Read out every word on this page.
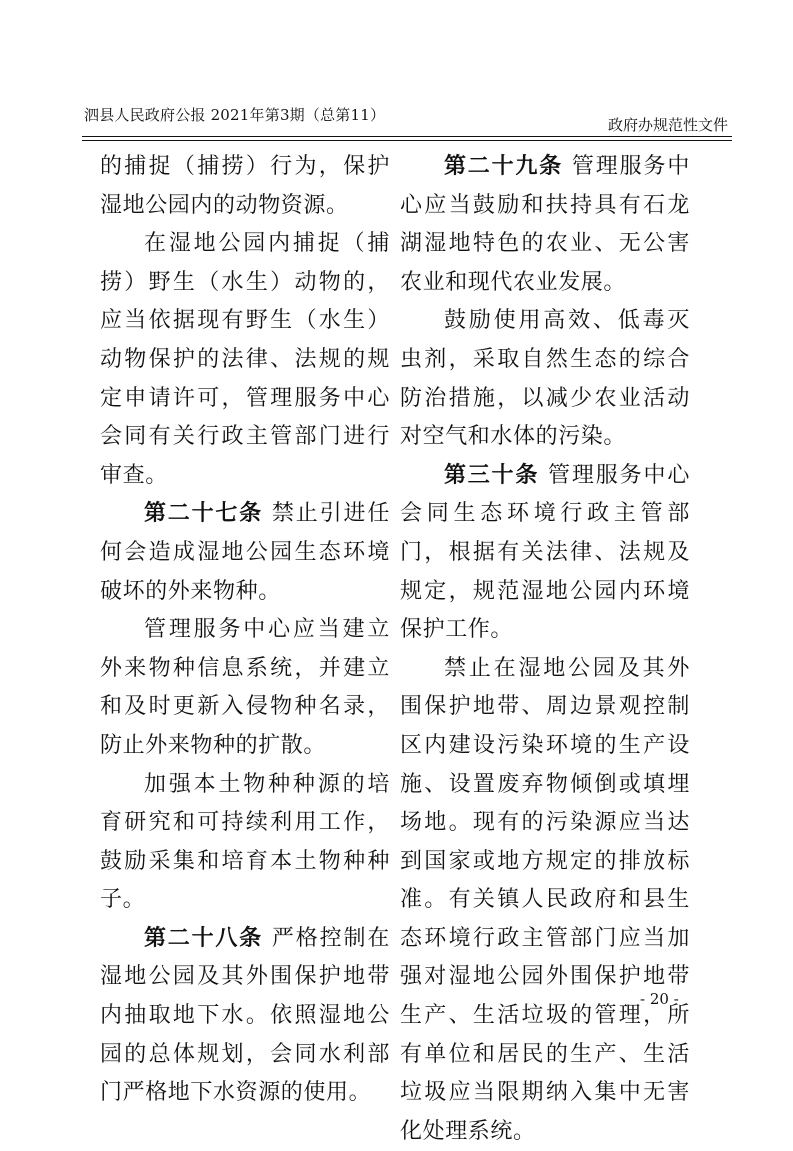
泗县人民政府公报 2021年第3期（总第11）
政府办规范性文件

的捕捉（捕捞）行为，保护湿地公园内的动物资源。

在湿地公园内捕捉（捕捞）野生（水生）动物的，应当依据现有野生（水生）动物保护的法律、法规的规定申请许可，管理服务中心会同有关行政主管部门进行审查。

第二十七条 禁止引进任何会造成湿地公园生态环境破坏的外来物种。

管理服务中心应当建立外来物种信息系统，并建立和及时更新入侵物种名录，防止外来物种的扩散。

加强本土物种种源的培育研究和可持续利用工作，鼓励采集和培育本土物种种子。

第二十八条 严格控制在湿地公园及其外围保护地带内抽取地下水。依照湿地公园的总体规划，会同水利部门严格地下水资源的使用。

第二十九条 管理服务中心应当鼓励和扶持具有石龙湖湿地特色的农业、无公害农业和现代农业发展。

鼓励使用高效、低毒灭虫剂，采取自然生态的综合防治措施，以减少农业活动对空气和水体的污染。

第三十条 管理服务中心会同生态环境行政主管部门，根据有关法律、法规及规定，规范湿地公园内环境保护工作。

禁止在湿地公园及其外围保护地带、周边景观控制区内建设污染环境的生产设施、设置废弃物倾倒或填埋场地。现有的污染源应当达到国家或地方规定的排放标准。有关镇人民政府和县生态环境行政主管部门应当加强对湿地公园外围保护地带生产、生活垃圾的管理，所有单位和居民的生产、生活垃圾应当限期纳入集中无害化处理系统。

- 20 -
